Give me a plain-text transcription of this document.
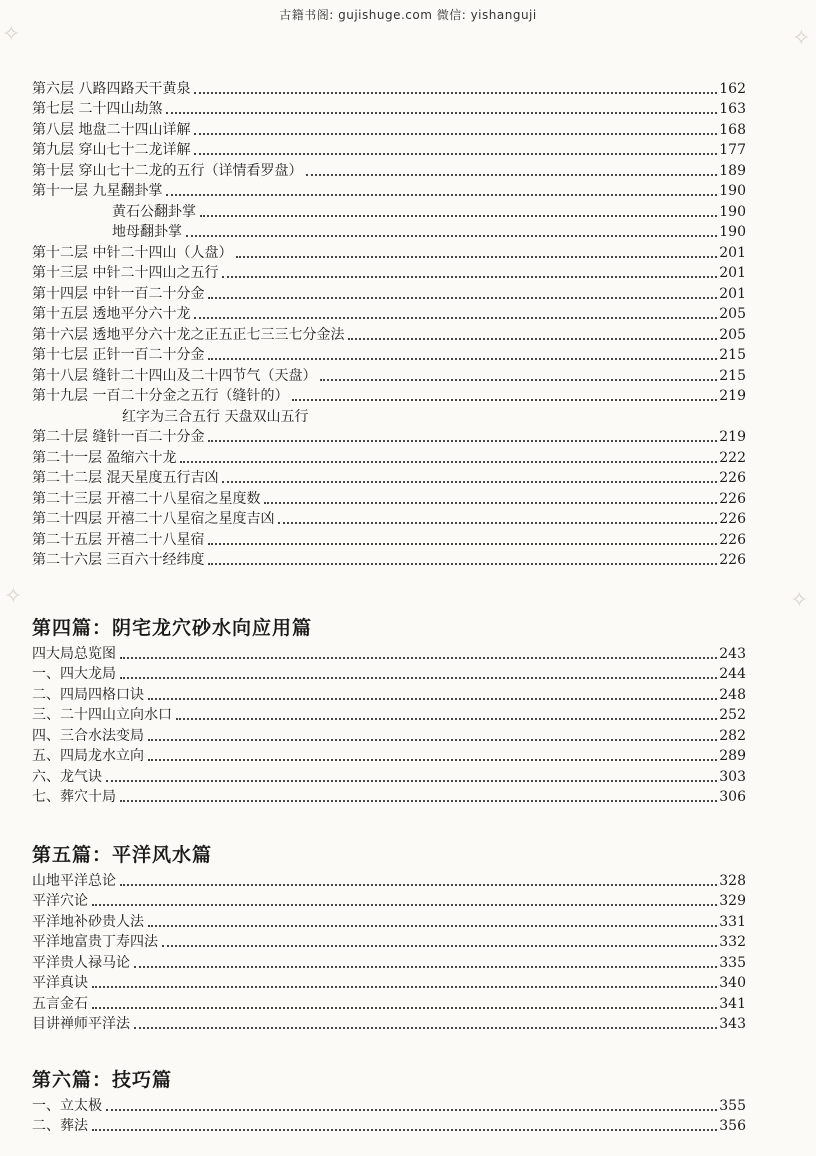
古籍书阁: gujishuge.com 微信: yishanguji
✧	✧
✧	✧
第六层 八路四路天干黄泉	162
第七层 二十四山劫煞	163
第八层 地盘二十四山详解	168
第九层 穿山七十二龙详解	177
第十层 穿山七十二龙的五行（详情看罗盘）	189
第十一层 九星翻卦掌	190
黄石公翻卦掌	190
地母翻卦掌	190
第十二层 中针二十四山（人盘）	201
第十三层 中针二十四山之五行	201
第十四层 中针一百二十分金	201
第十五层 透地平分六十龙	205
第十六层 透地平分六十龙之正五正七三三七分金法	205
第十七层 正针一百二十分金	215
第十八层 缝针二十四山及二十四节气（天盘）	215
第十九层 一百二十分金之五行（缝针的）	219
红字为三合五行 天盘双山五行
第二十层 缝针一百二十分金	219
第二十一层 盈缩六十龙	222
第二十二层 混天星度五行吉凶	226
第二十三层 开禧二十八星宿之星度数	226
第二十四层 开禧二十八星宿之星度吉凶	226
第二十五层 开禧二十八星宿	226
第二十六层 三百六十经纬度	226
第四篇：阴宅龙穴砂水向应用篇
四大局总览图	243
一、四大龙局	244
二、四局四格口诀	248
三、二十四山立向水口	252
四、三合水法变局	282
五、四局龙水立向	289
六、龙气诀	303
七、葬穴十局	306
第五篇：平洋风水篇
山地平洋总论	328
平洋穴论	329
平洋地补砂贵人法	331
平洋地富贵丁寿四法	332
平洋贵人禄马论	335
平洋真诀	340
五言金石	341
目讲禅师平洋法	343
第六篇：技巧篇
一、立太极	355
二、葬法	356
